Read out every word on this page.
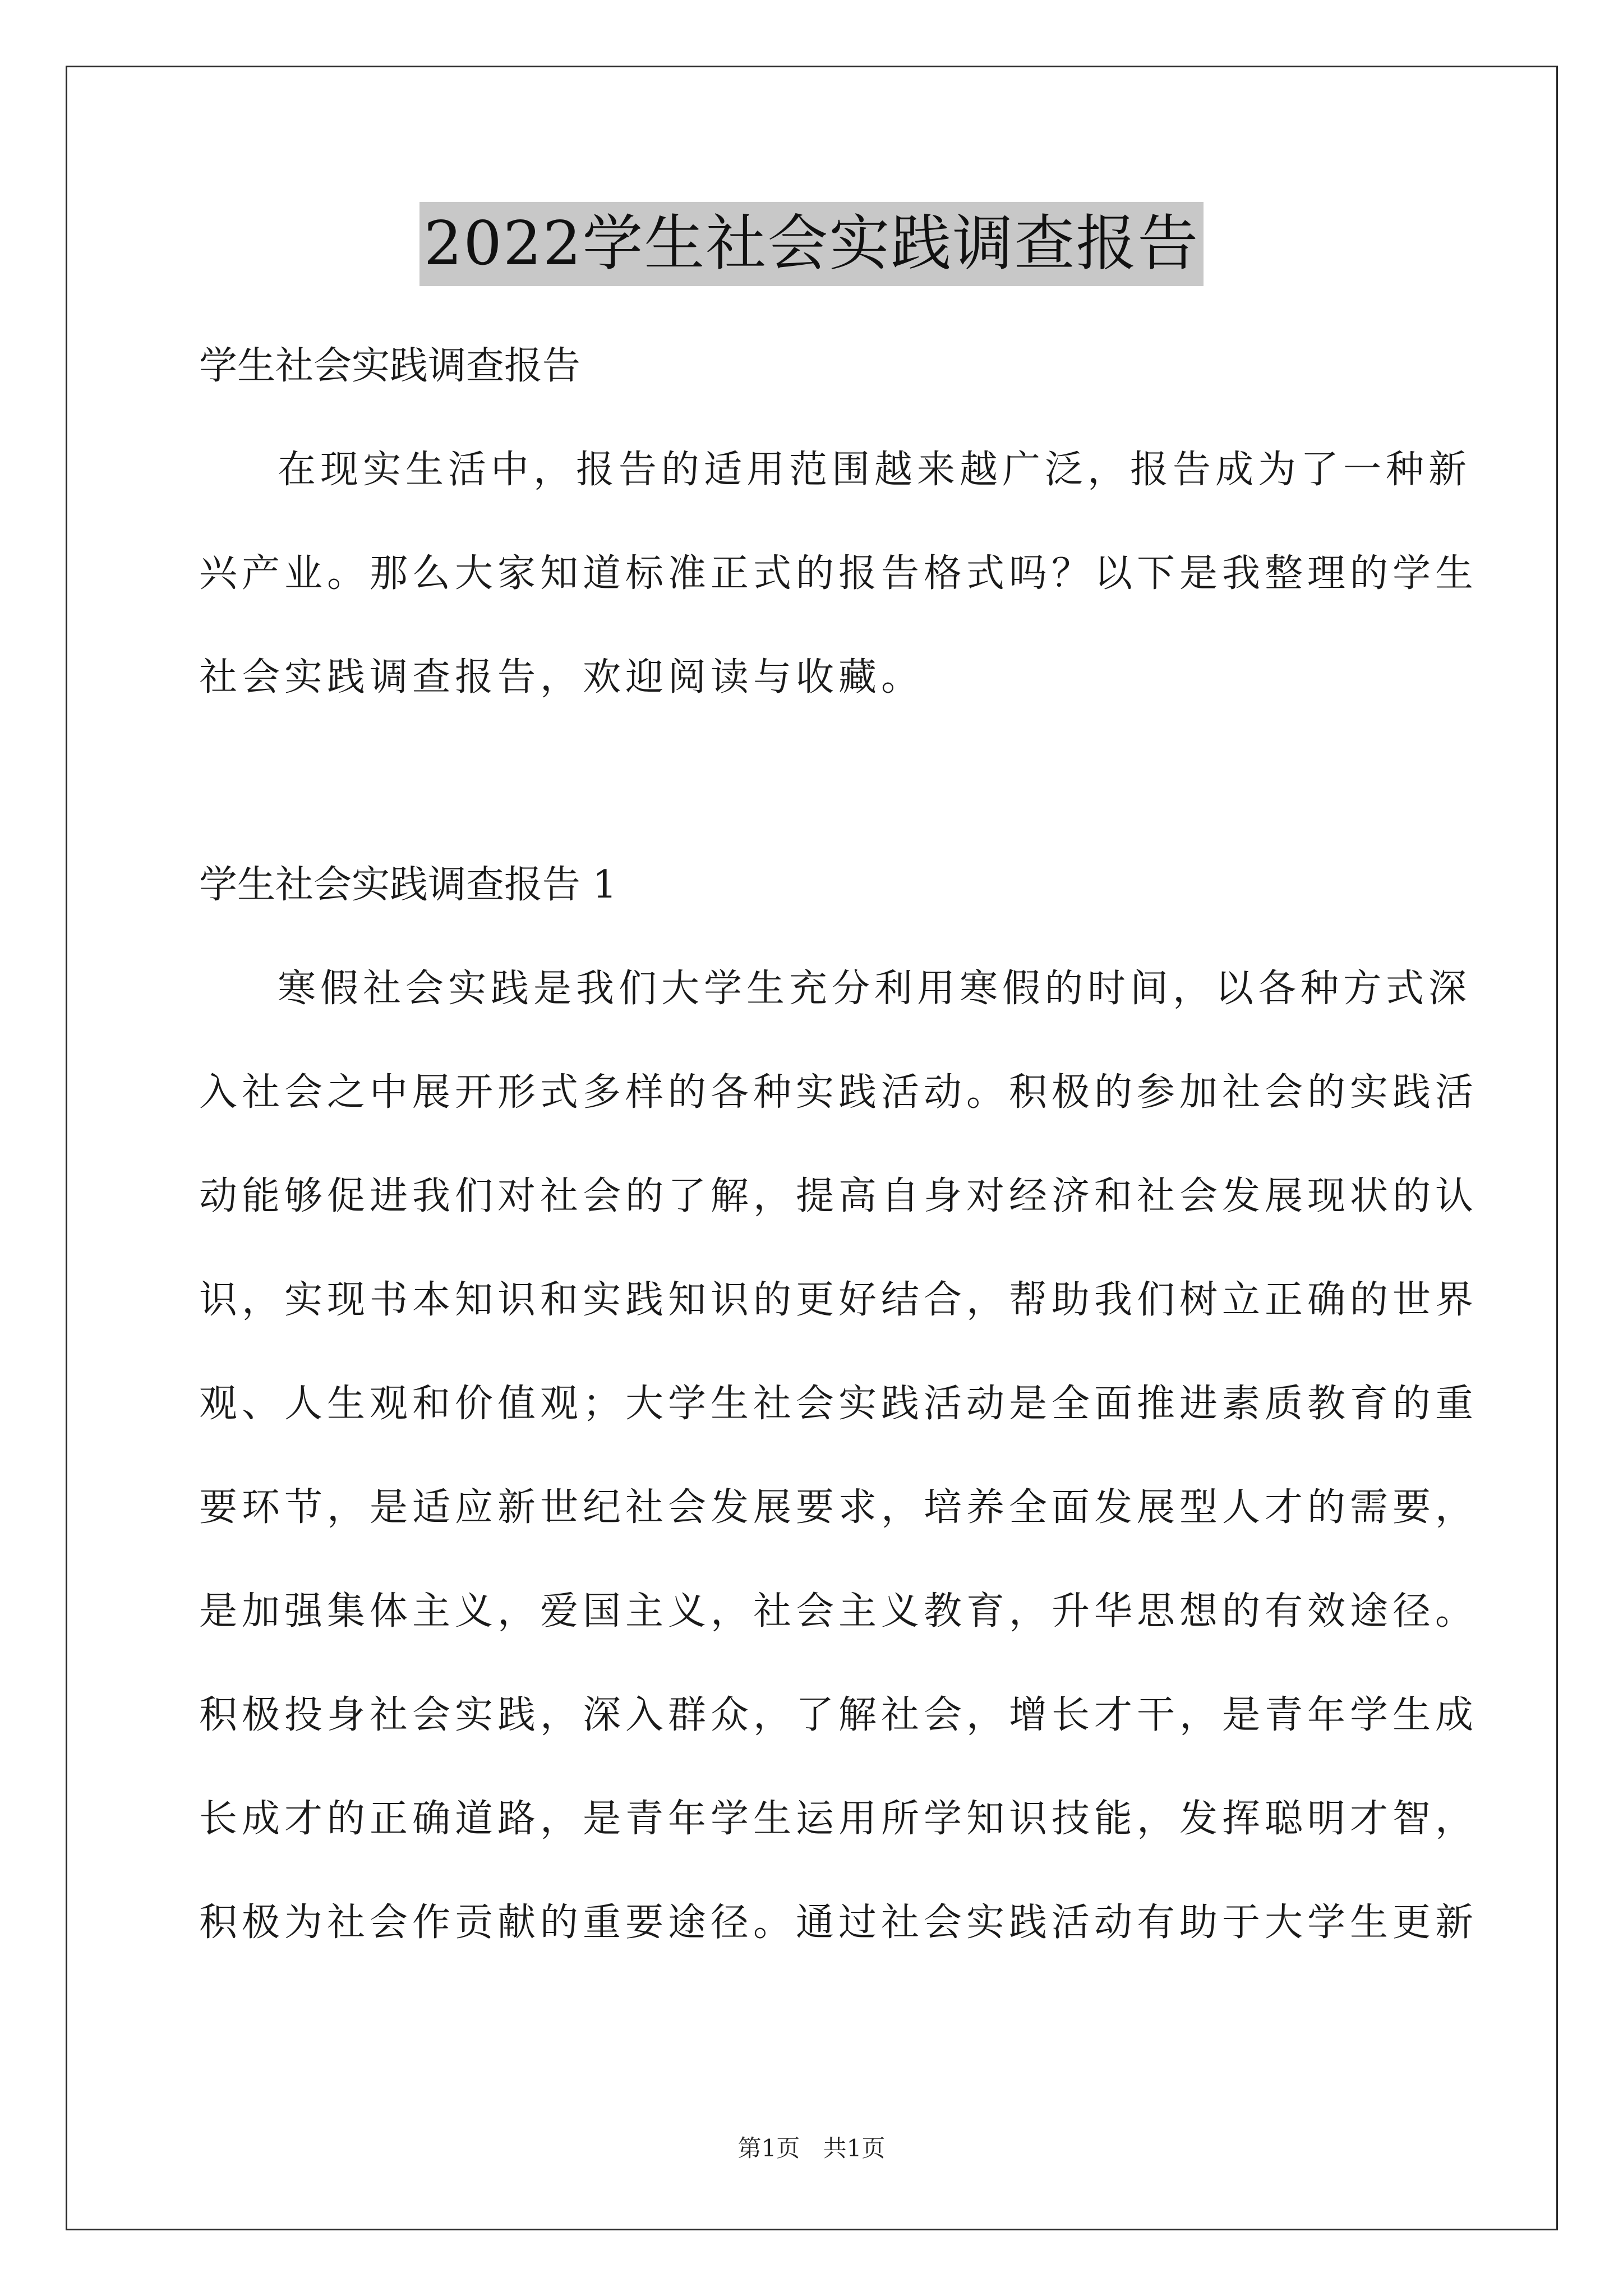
2022学生社会实践调查报告

学生社会实践调查报告

在现实生活中，报告的适用范围越来越广泛，报告成为了一种新

兴产业。那么大家知道标准正式的报告格式吗？以下是我整理的学生

社会实践调查报告，欢迎阅读与收藏。

学生社会实践调查报告 1

寒假社会实践是我们大学生充分利用寒假的时间，以各种方式深

入社会之中展开形式多样的各种实践活动。积极的参加社会的实践活

动能够促进我们对社会的了解，提高自身对经济和社会发展现状的认

识，实现书本知识和实践知识的更好结合，帮助我们树立正确的世界

观、人生观和价值观；大学生社会实践活动是全面推进素质教育的重

要环节，是适应新世纪社会发展要求，培养全面发展型人才的需要，

是加强集体主义，爱国主义，社会主义教育，升华思想的有效途径。

积极投身社会实践，深入群众，了解社会，增长才干，是青年学生成

长成才的正确道路，是青年学生运用所学知识技能，发挥聪明才智，

积极为社会作贡献的重要途径。通过社会实践活动有助于大学生更新

第1页 共1页
